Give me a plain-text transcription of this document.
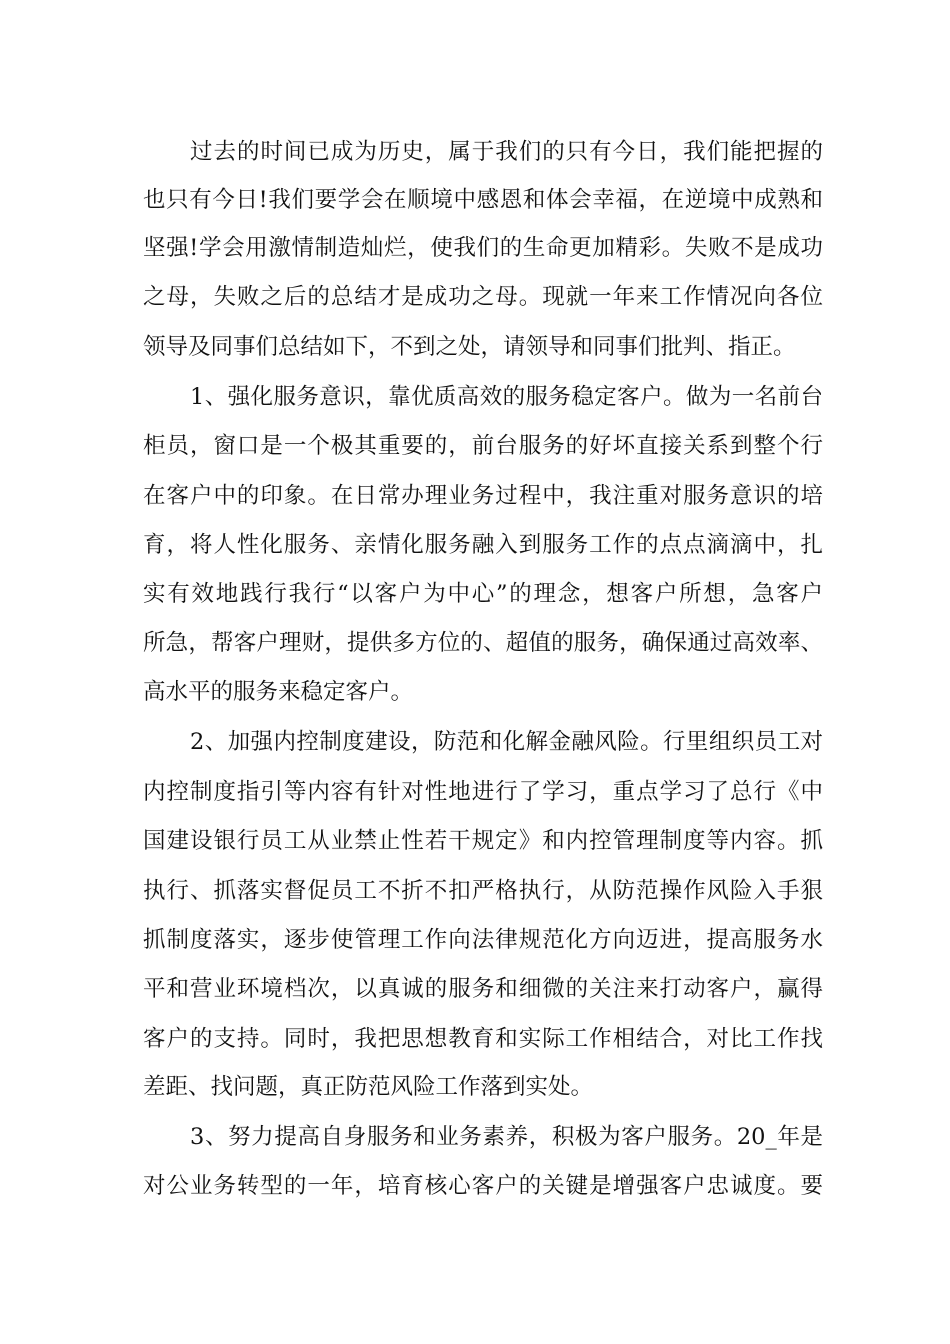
过去的时间已成为历史，属于我们的只有今日，我们能把握的
也只有今日!我们要学会在顺境中感恩和体会幸福，在逆境中成熟和
坚强!学会用激情制造灿烂，使我们的生命更加精彩。失败不是成功
之母，失败之后的总结才是成功之母。现就一年来工作情况向各位
领导及同事们总结如下，不到之处，请领导和同事们批判、指正。
1、强化服务意识，靠优质高效的服务稳定客户。做为一名前台
柜员，窗口是一个极其重要的，前台服务的好坏直接关系到整个行
在客户中的印象。在日常办理业务过程中，我注重对服务意识的培
育，将人性化服务、亲情化服务融入到服务工作的点点滴滴中，扎
实有效地践行我行“以客户为中心”的理念，想客户所想，急客户
所急，帮客户理财，提供多方位的、超值的服务，确保通过高效率、
高水平的服务来稳定客户。
2、加强内控制度建设，防范和化解金融风险。行里组织员工对
内控制度指引等内容有针对性地进行了学习，重点学习了总行《中
国建设银行员工从业禁止性若干规定》和内控管理制度等内容。抓
执行、抓落实督促员工不折不扣严格执行，从防范操作风险入手狠
抓制度落实，逐步使管理工作向法律规范化方向迈进，提高服务水
平和营业环境档次，以真诚的服务和细微的关注来打动客户，赢得
客户的支持。同时，我把思想教育和实际工作相结合，对比工作找
差距、找问题，真正防范风险工作落到实处。
3、努力提高自身服务和业务素养，积极为客户服务。20_年是
对公业务转型的一年，培育核心客户的关键是增强客户忠诚度。要
